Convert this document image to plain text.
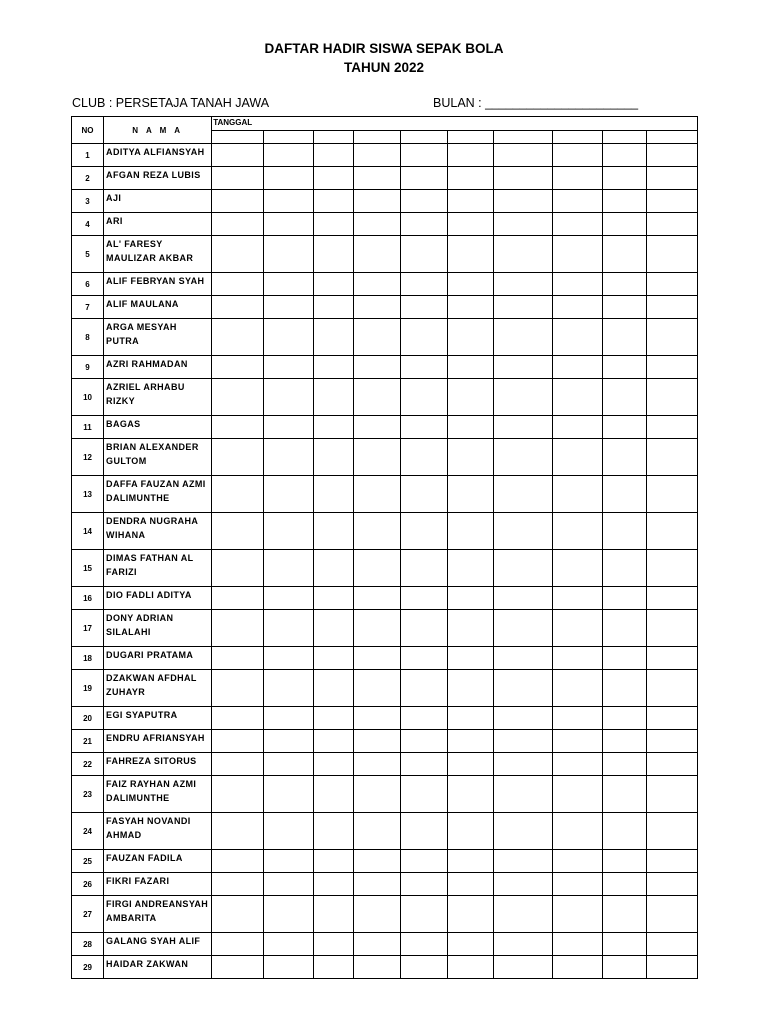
DAFTAR HADIR SISWA SEPAK BOLA
TAHUN 2022
CLUB : PERSETAJA TANAH JAWA	BULAN : ______________________
NO	N A M A	TANGGAL									

1	ADITYA ALFIANSYAH										

2	AFGAN REZA LUBIS										

3	AJI										

4	ARI										

5	AL' FARESY
MAULIZAR AKBAR										

6	ALIF FEBRYAN SYAH										

7	ALIF MAULANA										

8	ARGA MESYAH
PUTRA										

9	AZRI RAHMADAN										

10	AZRIEL ARHABU
RIZKY										

11	BAGAS										

12	BRIAN ALEXANDER
GULTOM										

13	DAFFA FAUZAN AZMI
DALIMUNTHE										

14	DENDRA NUGRAHA
WIHANA										

15	DIMAS FATHAN AL
FARIZI										

16	DIO FADLI ADITYA										

17	DONY ADRIAN
SILALAHI										

18	DUGARI PRATAMA										

19	DZAKWAN AFDHAL
ZUHAYR										

20	EGI SYAPUTRA										

21	ENDRU AFRIANSYAH										

22	FAHREZA SITORUS										

23	FAIZ RAYHAN AZMI
DALIMUNTHE										

24	FASYAH NOVANDI
AHMAD										

25	FAUZAN FADILA										

26	FIKRI FAZARI										

27	FIRGI ANDREANSYAH
AMBARITA										

28	GALANG SYAH ALIF										

29	HAIDAR ZAKWAN										
